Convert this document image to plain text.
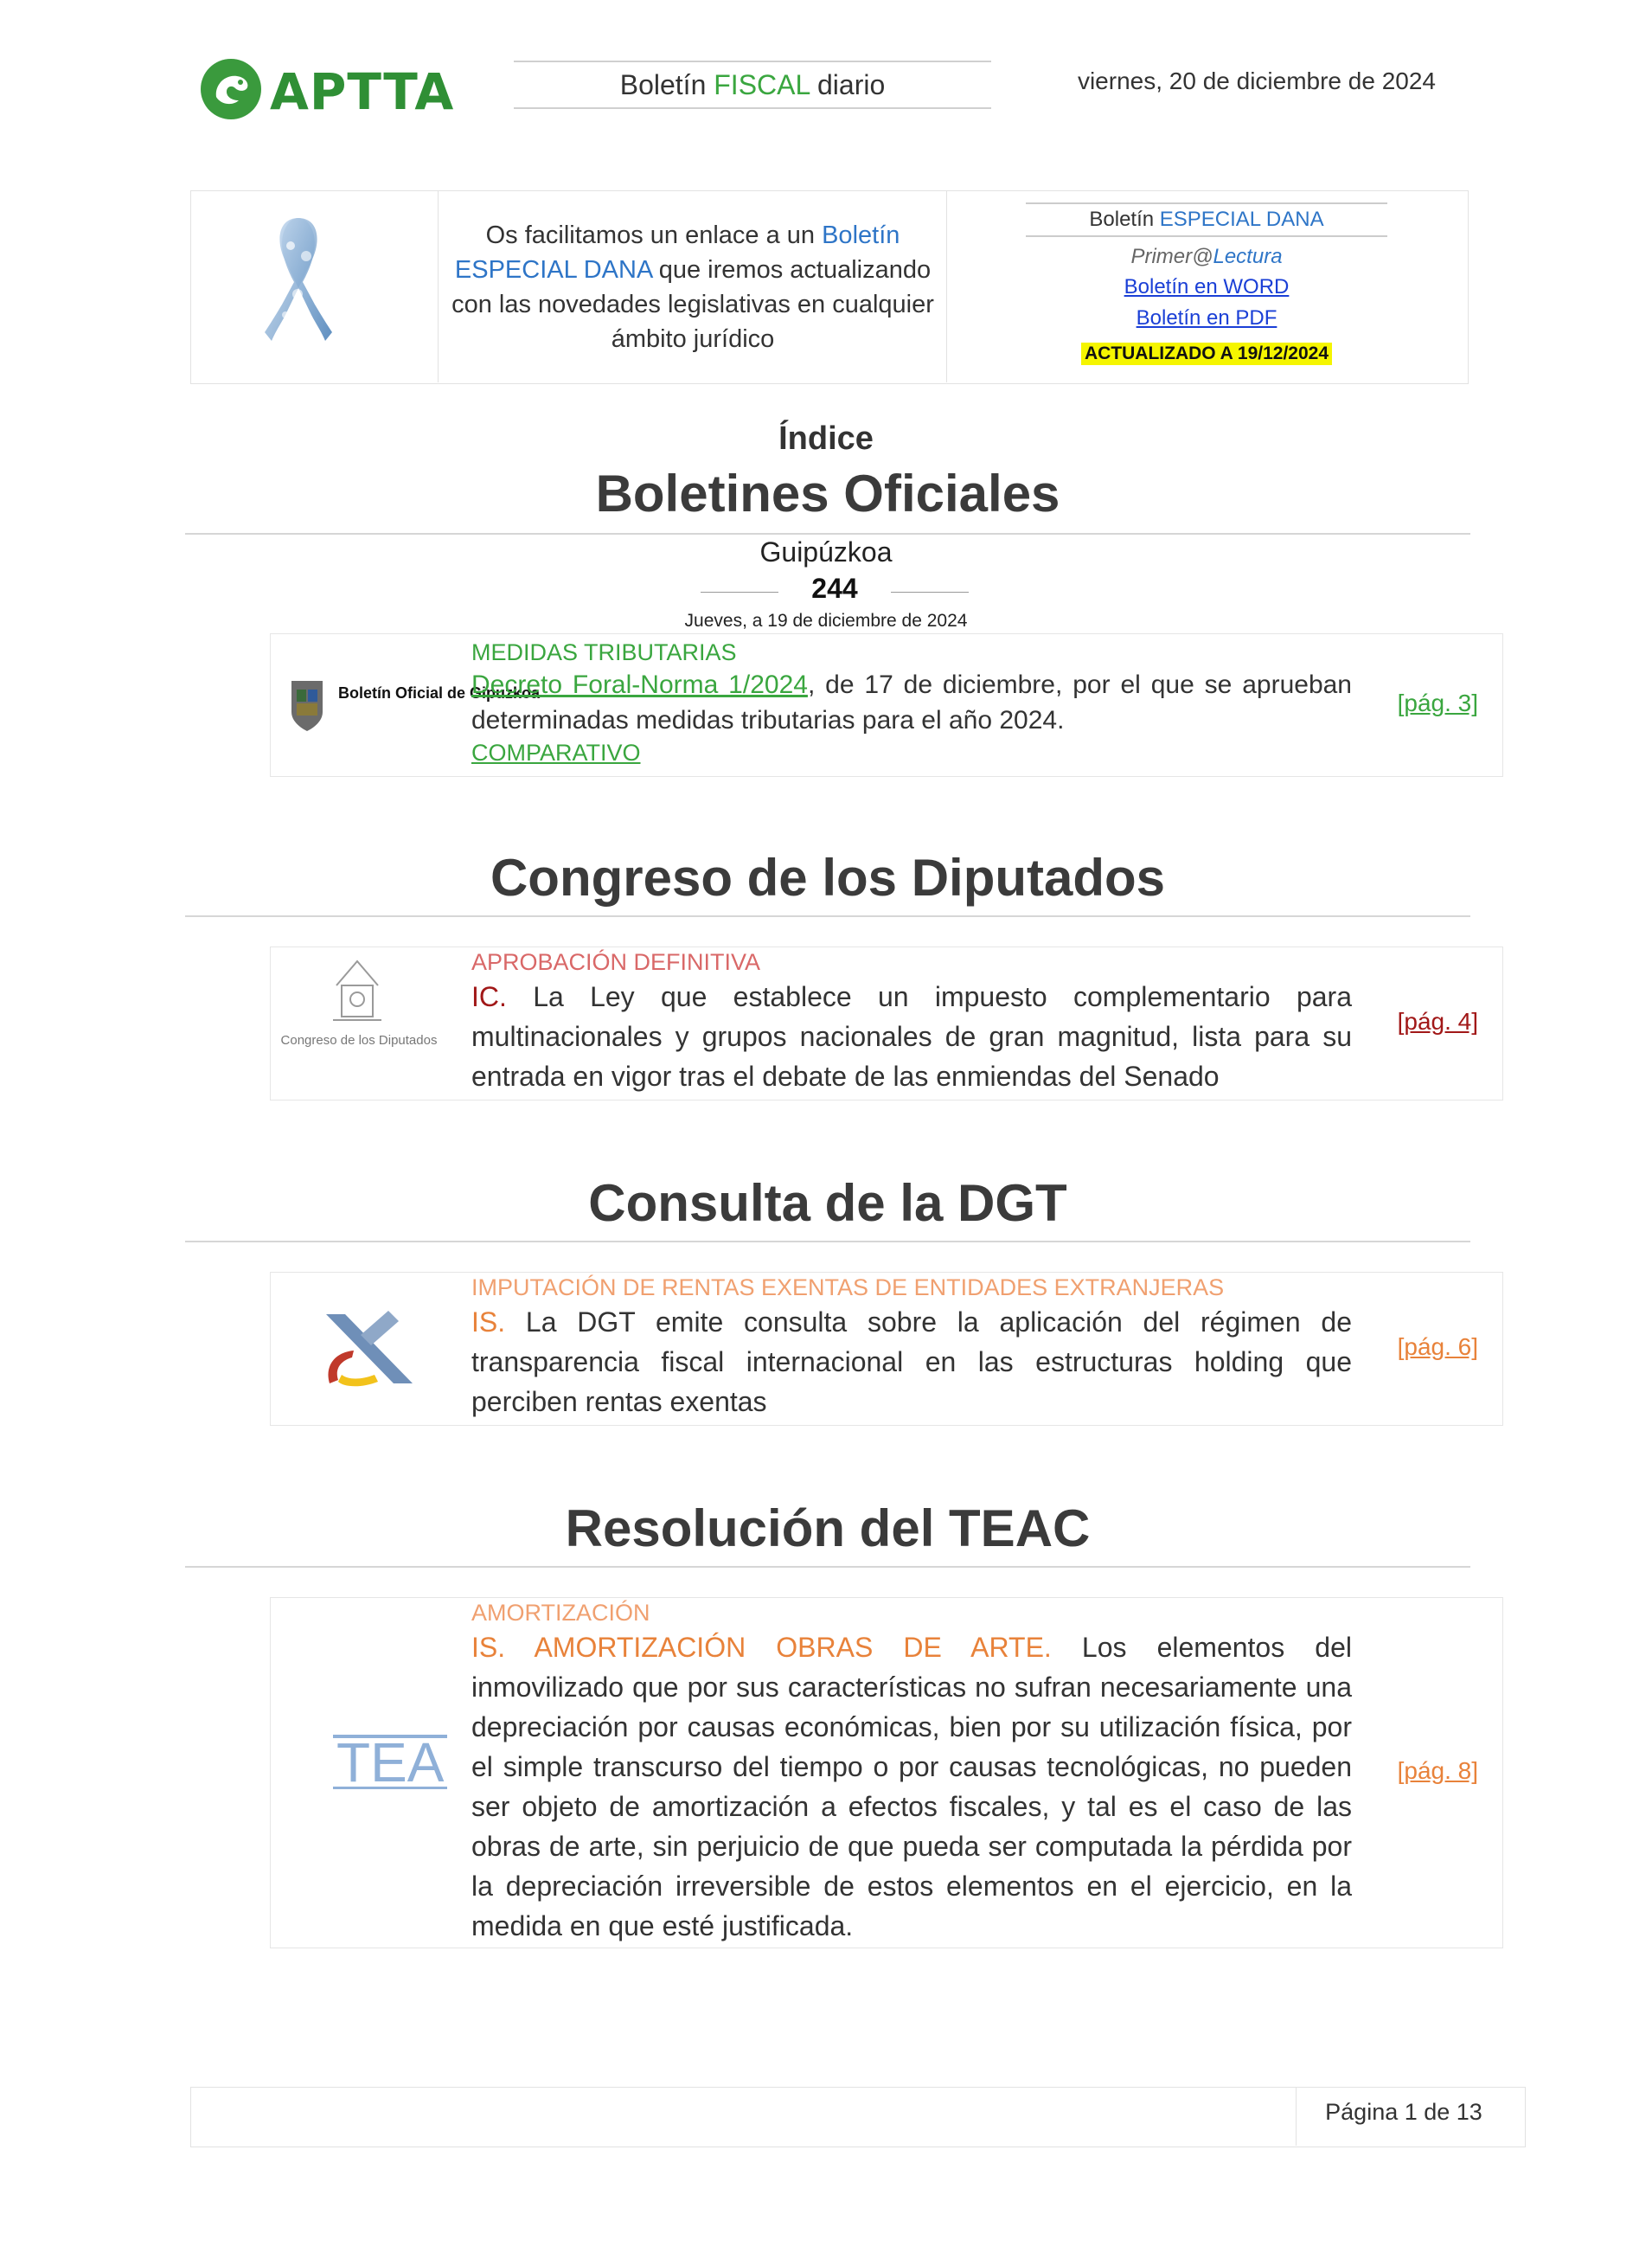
APTTA	Boletín FISCAL diario	viernes, 20 de diciembre de 2024
Os facilitamos un enlace a un Boletín ESPECIAL DANA que iremos actualizando con las novedades legislativas en cualquier ámbito jurídico
Boletín ESPECIAL DANA
Primer@Lectura
Boletín en WORD
Boletín en PDF
ACTUALIZADO A 19/12/2024
Índice
Boletines Oficiales
Guipúzkoa
244
Jueves, a 19 de diciembre de 2024
Boletín Oficial de Gipuzkoa
MEDIDAS TRIBUTARIAS
Decreto Foral-Norma 1/2024, de 17 de diciembre, por el que se aprueban determinadas medidas tributarias para el año 2024.
COMPARATIVO
[pág. 3]
Congreso de los Diputados
Congreso de los Diputados
APROBACIÓN DEFINITIVA
IC. La Ley que establece un impuesto complementario para multinacionales y grupos nacionales de gran magnitud, lista para su entrada en vigor tras el debate de las enmiendas del Senado
[pág. 4]
Consulta de la DGT
IMPUTACIÓN DE RENTAS EXENTAS DE ENTIDADES EXTRANJERAS
IS. La DGT emite consulta sobre la aplicación del régimen de transparencia fiscal internacional en las estructuras holding que perciben rentas exentas
[pág. 6]
Resolución del TEAC
TEA
AMORTIZACIÓN
IS. AMORTIZACIÓN OBRAS DE ARTE. Los elementos del inmovilizado que por sus características no sufran necesariamente una depreciación por causas económicas, bien por su utilización física, por el simple transcurso del tiempo o por causas tecnológicas, no pueden ser objeto de amortización a efectos fiscales, y tal es el caso de las obras de arte, sin perjuicio de que pueda ser computada la pérdida por la depreciación irreversible de estos elementos en el ejercicio, en la medida en que esté justificada.
[pág. 8]
Página 1 de 13
